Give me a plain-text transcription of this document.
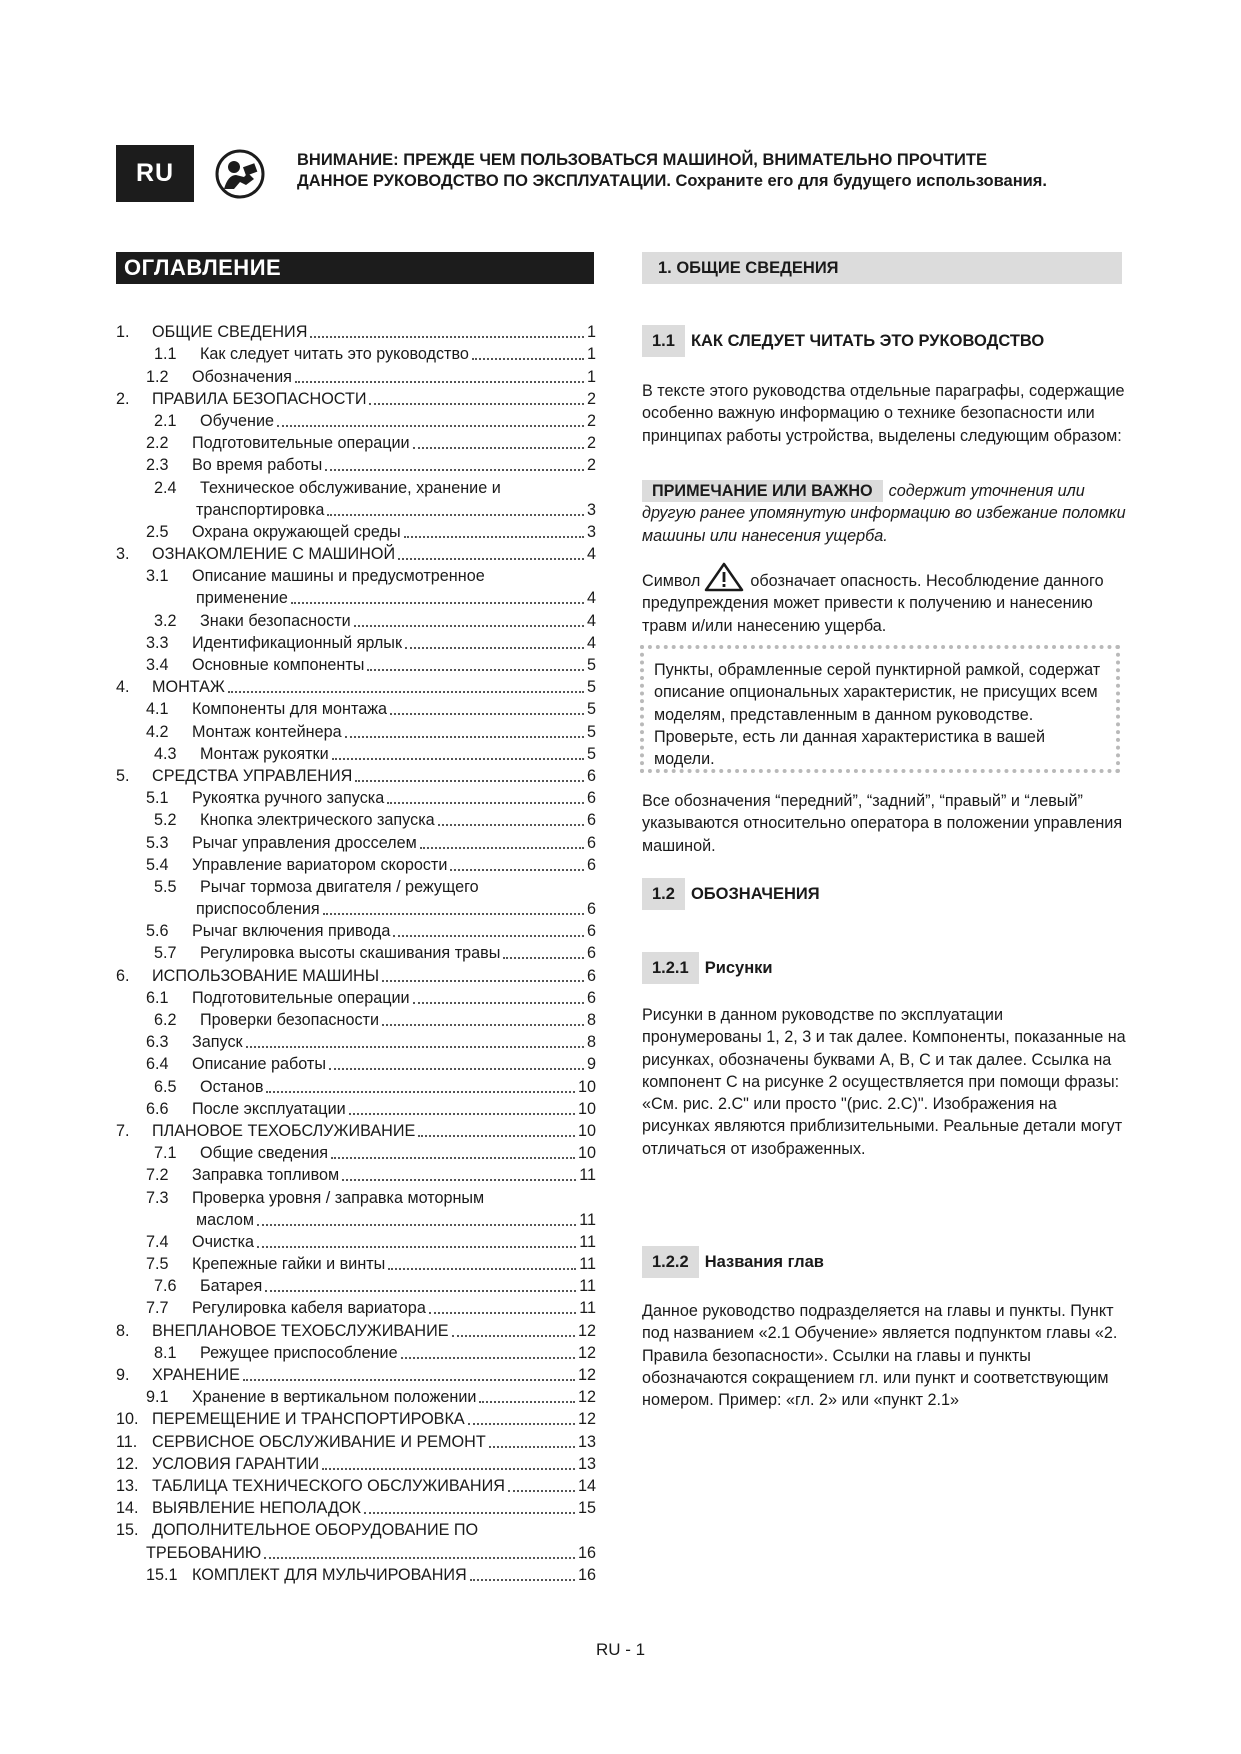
RU	ВНИМАНИЕ: ПРЕЖДЕ ЧЕМ ПОЛЬЗОВАТЬСЯ МАШИНОЙ, ВНИМАТЕЛЬНО ПРОЧТИТЕ
ДАННОЕ РУКОВОДСТВО ПО ЭКСПЛУАТАЦИИ. Сохраните его для будущего использования.
ОГЛАВЛЕНИЕ
1.	ОБЩИЕ СВЕДЕНИЯ	1
1.1	Как следует читать это руководство	1
1.2	Обозначения	1
2.	ПРАВИЛА БЕЗОПАСНОСТИ	2
2.1	Обучение	2
2.2	Подготовительные операции	2
2.3	Во время работы	2
2.4	Техническое обслуживание, хранение и
транспортировка	3
2.5	Охрана окружающей среды	3
3.	ОЗНАКОМЛЕНИЕ С МАШИНОЙ	4
3.1	Описание машины и предусмотренное
применение	4
3.2	Знаки безопасности	4
3.3	Идентификационный ярлык	4
3.4	Основные компоненты	5
4.	МОНТАЖ	5
4.1	Компоненты для монтажа	5
4.2	Монтаж контейнера	5
4.3	Монтаж рукоятки	5
5.	СРЕДСТВА УПРАВЛЕНИЯ	6
5.1	Рукоятка ручного запуска	6
5.2	Кнопка электрического запуска	6
5.3	Рычаг управления дросселем	6
5.4	Управление вариатором скорости	6
5.5	Рычаг тормоза двигателя / режущего
приспособления	6
5.6	Рычаг включения привода	6
5.7	Регулировка высоты скашивания травы	6
6.	ИСПОЛЬЗОВАНИЕ МАШИНЫ	6
6.1	Подготовительные операции	6
6.2	Проверки безопасности	8
6.3	Запуск	8
6.4	Описание работы	9
6.5	Останов	10
6.6	После эксплуатации	10
7.	ПЛАНОВОЕ ТЕХОБСЛУЖИВАНИЕ	10
7.1	Общие сведения	10
7.2	Заправка топливом	11
7.3	Проверка уровня / заправка моторным
маслом	11
7.4	Очистка	11
7.5	Крепежные гайки и винты	11
7.6	Батарея	11
7.7	Регулировка кабеля вариатора	11
8.	ВНЕПЛАНОВОЕ ТЕХОБСЛУЖИВАНИЕ	12
8.1	Режущее приспособление	12
9.	ХРАНЕНИЕ	12
9.1	Хранение в вертикальном положении	12
10. ПЕРЕМЕЩЕНИЕ И ТРАНСПОРТИРОВКА	12
11. СЕРВИСНОЕ ОБСЛУЖИВАНИЕ И РЕМОНТ	13
12. УСЛОВИЯ ГАРАНТИИ	13
13. ТАБЛИЦА ТЕХНИЧЕСКОГО ОБСЛУЖИВАНИЯ	14
14. ВЫЯВЛЕНИЕ НЕПОЛАДОК	15
15. ДОПОЛНИТЕЛЬНОЕ ОБОРУДОВАНИЕ ПО
ТРЕБОВАНИЮ	16
15.1 КОМПЛЕКТ ДЛЯ МУЛЬЧИРОВАНИЯ	16
1. ОБЩИЕ СВЕДЕНИЯ
1.1 КАК СЛЕДУЕТ ЧИТАТЬ ЭТО РУКОВОДСТВО
В тексте этого руководства отдельные параграфы, содержащие особенно важную информацию о технике безопасности или принципах работы устройства, выделены следующим образом:
ПРИМЕЧАНИЕ ИЛИ ВАЖНО содержит уточнения или другую ранее упомянутую информацию во избежание поломки машины или нанесения ущерба.
Символ	обозначает опасность. Несоблюдение данного предупреждения может привести к получению и нанесению травм и/или нанесению ущерба.
Пункты, обрамленные серой пунктирной рамкой, содержат описание опциональных характеристик, не присущих всем моделям, представленным в данном руководстве. Проверьте, есть ли данная характеристика в вашей модели.
Все обозначения “передний”, “задний”, “правый” и “левый” указываются относительно оператора в положении управления машиной.
1.2 ОБОЗНАЧЕНИЯ
1.2.1 Рисунки
Рисунки в данном руководстве по эксплуатации пронумерованы 1, 2, 3 и так далее. Компоненты, показанные на рисунках, обозначены буквами A, B, C и так далее. Ссылка на компонент C на рисунке 2 осуществляется при помощи фразы: «См. рис. 2.C" или просто "(рис. 2.C)". Изображения на рисунках являются приблизительными. Реальные детали могут отличаться от изображенных.
1.2.2 Названия глав
Данное руководство подразделяется на главы и пункты. Пункт под названием «2.1 Обучение» является подпунктом главы «2. Правила безопасности». Ссылки на главы и пункты обозначаются сокращением гл. или пункт и соответствующим номером. Пример: «гл. 2» или «пункт 2.1»
RU - 1
